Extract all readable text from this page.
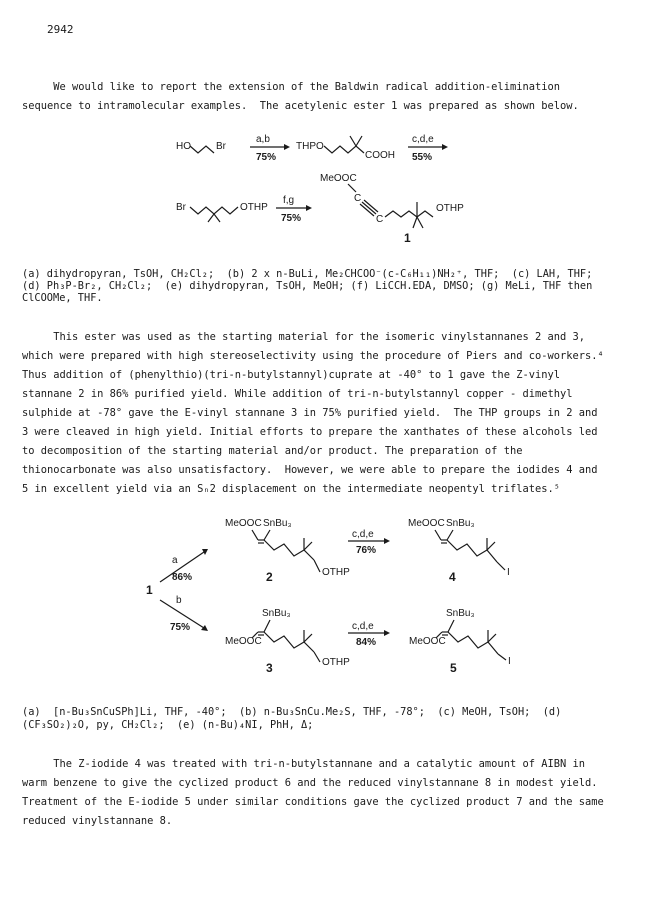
2942

We would like to report the extension of the Baldwin radical addition-elimination

sequence to intramolecular examples.  The acetylenic ester 1 was prepared as shown below.

HO	Br
a,b
75%
THPO
COOH
c,d,e
55%
Br	OTHP
f,g
75%
MeOOC
C
C
OTHP
1

(a) dihydropyran, TsOH, CH₂Cl₂;  (b) 2 x n-BuLi, Me₂CHCOO⁻(c-C₆H₁₁)NH₂⁺, THF;  (c) LAH, THF;

(d) Ph₃P-Br₂, CH₂Cl₂;  (e) dihydropyran, TsOH, MeOH; (f) LiCCH.EDA, DMSO; (g) MeLi, THF then

ClCOOMe, THF.

This ester was used as the starting material for the isomeric vinylstannanes 2 and 3,

which were prepared with high stereoselectivity using the procedure of Piers and co-workers.⁴

Thus addition of (phenylthio)(tri-n-butylstannyl)cuprate at -40° to 1 gave the Z-vinyl

stannane 2 in 86% purified yield. While addition of tri-n-butylstannyl copper - dimethyl

sulphide at -78° gave the E-vinyl stannane 3 in 75% purified yield.  The THP groups in 2 and

3 were cleaved in high yield. Initial efforts to prepare the xanthates of these alcohols led

to decomposition of the starting material and/or product. The preparation of the

thionocarbonate was also unsatisfactory.  However, we were able to prepare the iodides 4 and

5 in excellent yield via an Sₙ2 displacement on the intermediate neopentyl triflates.⁵

1
a
86%
b
75%
MeOOC SnBu₃
OTHP
2
c,d,e
76%
MeOOC SnBu₃
I
4
SnBu₃
MeOOC
OTHP
3
c,d,e
84%
SnBu₃
MeOOC
I
5

(a)  [n-Bu₃SnCuSPh]Li, THF, -40°;  (b) n-Bu₃SnCu.Me₂S, THF, -78°;  (c) MeOH, TsOH;  (d)

(CF₃SO₂)₂O, py, CH₂Cl₂;  (e) (n-Bu)₄NI, PhH, Δ;

The Z-iodide 4 was treated with tri-n-butylstannane and a catalytic amount of AIBN in

warm benzene to give the cyclized product 6 and the reduced vinylstannane 8 in modest yield.

Treatment of the E-iodide 5 under similar conditions gave the cyclized product 7 and the same

reduced vinylstannane 8.
